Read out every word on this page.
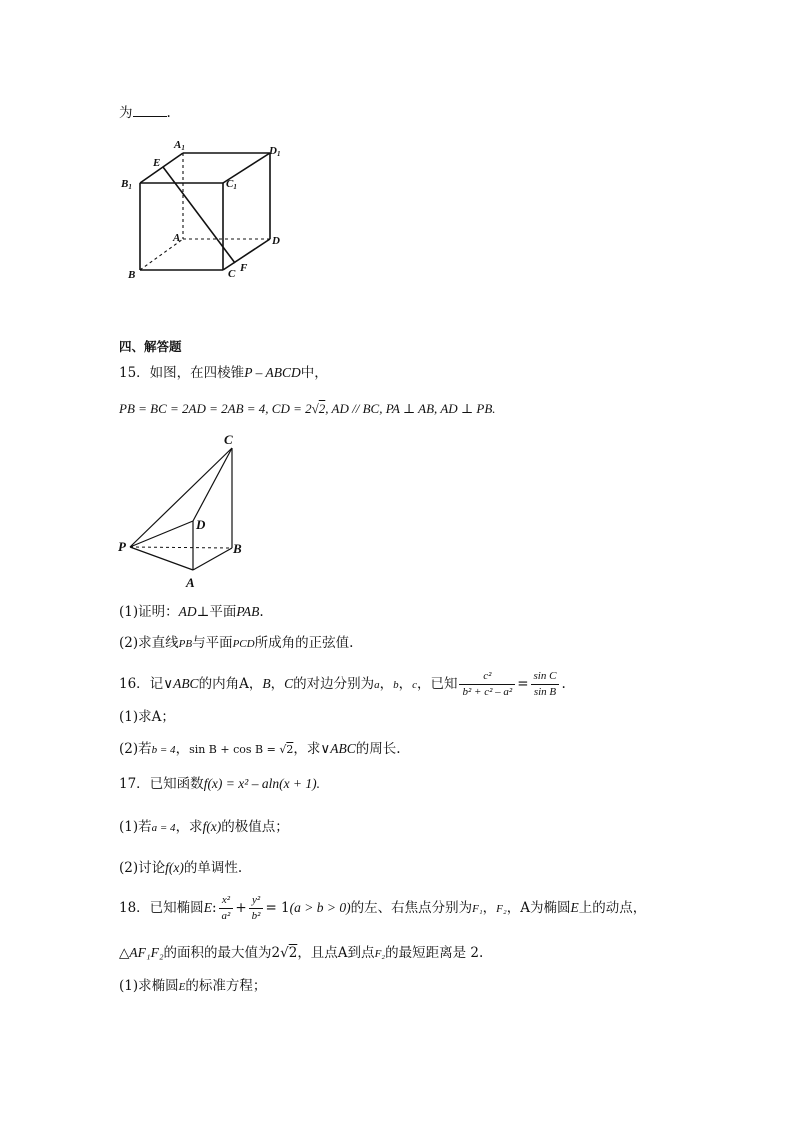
为	.
A1	D1
E
B1	C1
A	D
B	C F
四、解答题
15．如图，在四棱锥P – ABCD中，
PB = BC = 2AD = 2AB = 4, CD = 2√2, AD // BC, PA ⊥ AB, AD ⊥ PB.
C
D
P	B
A
(1)证明：AD⊥平面PAB.
(2)求直线PB与平面PCD所成角的正弦值.
16．记∨ABC的内角A，B，C的对边分别为a，b，c，已知 $\frac{\text{c²}}{\text{b² + c² – a²}} = \frac{\text{sin C}}{\text{sin B}}$ .
(1)求A；
(2)若b = 4，sin B + cos B = √2，求∨ABC的周长.
17．已知函数f(x) = x² – aln(x + 1).
(1)若a = 4，求f(x)的极值点；
(2)讨论f(x)的单调性.
18．已知椭圆E: $\frac{\text{x²}}{\text{a²}} + \frac{\text{y²}}{\text{b²}} = 1(a > b > 0)$的左、右焦点分别为F₁，F₂，A为椭圆E上的动点，
△AF₁F₂的面积的最大值为2√2，且点A到点F₂的最短距离是 2.
(1)求椭圆E的标准方程；
